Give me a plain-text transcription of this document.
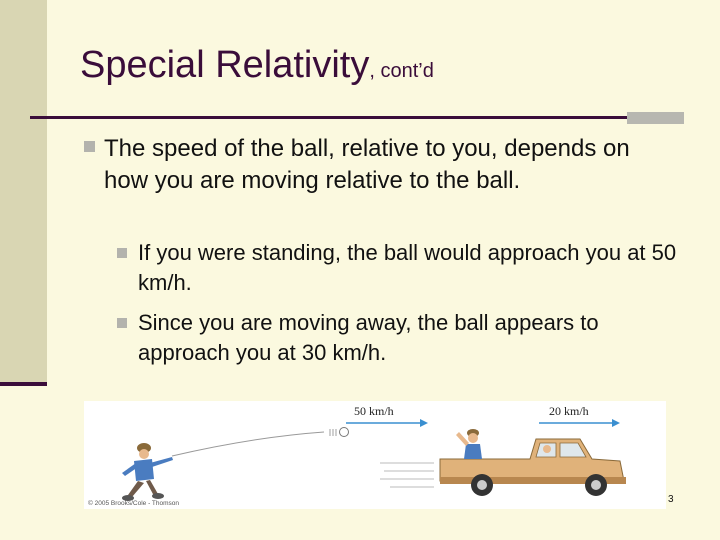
Special Relativity, cont’d
The speed of the ball, relative to you, depends on how you are moving relative to the ball.
If you were standing, the ball would approach you at 50 km/h.
Since you are moving away, the ball appears to approach you at 30 km/h.
50 km/h	20 km/h
© 2005 Brooks/Cole - Thomson	3
